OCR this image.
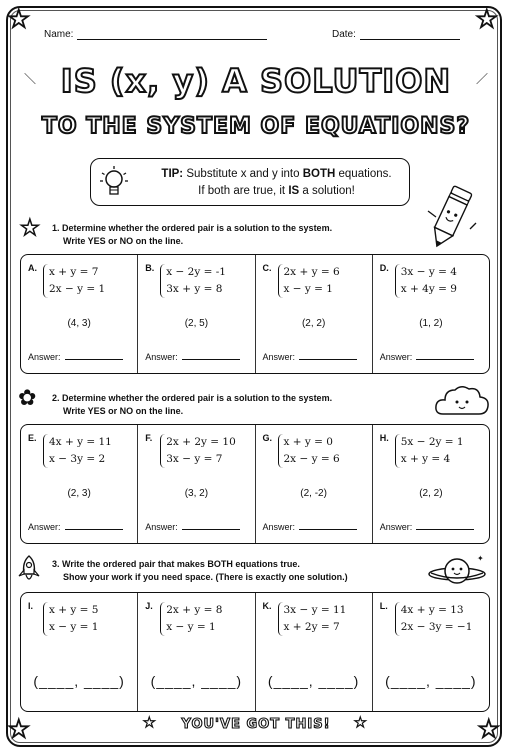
★	★
★	★
Name:	Date:
＼	／
IS (x, y) A SOLUTION
TO THE SYSTEM OF EQUATIONS?
TIP: Substitute x and y into BOTH equations.
If both are true, it IS a solution!
★ 1. Determine whether the ordered pair is a solution to the system.
Write YES or NO on the line.
A. x + y = 7
2x − y = 1
(4, 3)
Answer:
B. x − 2y = -1
3x + y = 8
(2, 5)
Answer:
C. 2x + y = 6
x − y = 1
(2, 2)
Answer:
D. 3x − y = 4
x + 4y = 9
(1, 2)
Answer:
✿ 2. Determine whether the ordered pair is a solution to the system.
Write YES or NO on the line.
E. 4x + y = 11
x − 3y = 2
(2, 3)
Answer:
F. 2x + 2y = 10
3x − y = 7
(3, 2)
Answer:
G. x + y = 0
2x − y = 6
(2, -2)
Answer:
H. 5x − 2y = 1
x + y = 4
(2, 2)
Answer:
3. Write the ordered pair that makes BOTH equations true.
Show your work if you need space. (There is exactly one solution.)
✦
I. x + y = 5
x − y = 1
(____, ____)
J. 2x + y = 8
x − y = 1
(____, ____)
K. 3x − y = 11
x + 2y = 7
(____, ____)
L. 4x + y = 13
2x − 3y = −1
(____, ____)
★	YOU'VE GOT THIS!	★
